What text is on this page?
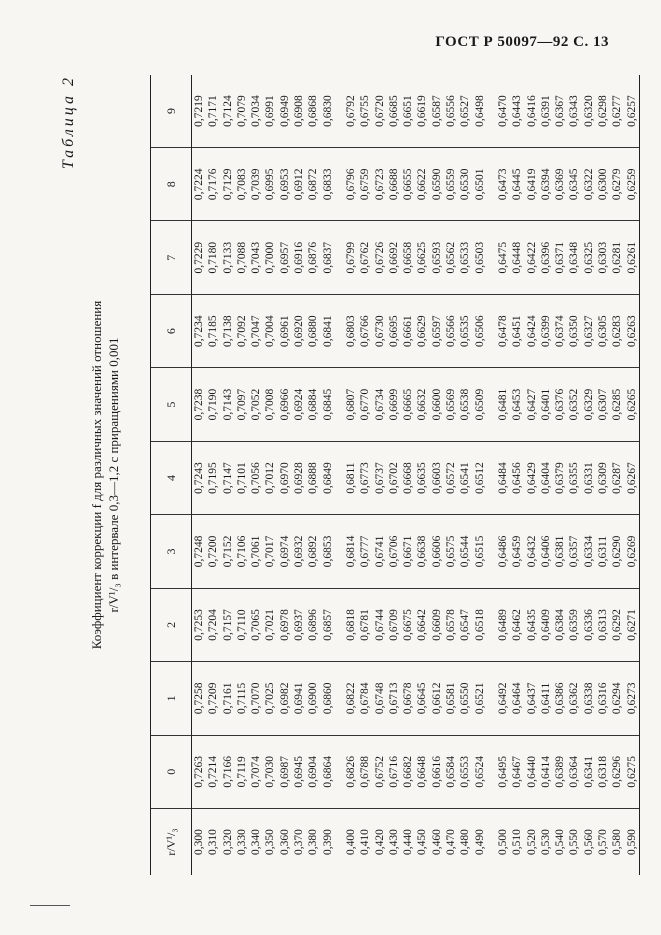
ГОСТ Р 50097—92 С. 13
Таблица 2
Коэффициент коррекции f для различных значений отношения r/V¹/₃ в интервале 0,3—1,2 с приращениями 0,001
r/V¹/₃	0	1	2	3	4	5	6	7	8	9
0,300	0,7263	0,7258	0,7253	0,7248	0,7243	0,7238	0,7234	0,7229	0,7224	0,7219
0,310	0,7214	0,7209	0,7204	0,7200	0,7195	0,7190	0,7185	0,7180	0,7176	0,7171
0,320	0,7166	0,7161	0,7157	0,7152	0,7147	0,7143	0,7138	0,7133	0,7129	0,7124
0,330	0,7119	0,7115	0,7110	0,7106	0,7101	0,7097	0,7092	0,7088	0,7083	0,7079
0,340	0,7074	0,7070	0,7065	0,7061	0,7056	0,7052	0,7047	0,7043	0,7039	0,7034
0,350	0,7030	0,7025	0,7021	0,7017	0,7012	0,7008	0,7004	0,7000	0,6995	0,6991
0,360	0,6987	0,6982	0,6978	0,6974	0,6970	0,6966	0,6961	0,6957	0,6953	0,6949
0,370	0,6945	0,6941	0,6937	0,6932	0,6928	0,6924	0,6920	0,6916	0,6912	0,6908
0,380	0,6904	0,6900	0,6896	0,6892	0,6888	0,6884	0,6880	0,6876	0,6872	0,6868
0,390	0,6864	0,6860	0,6857	0,6853	0,6849	0,6845	0,6841	0,6837	0,6833	0,6830

0,400	0,6826	0,6822	0,6818	0,6814	0,6811	0,6807	0,6803	0,6799	0,6796	0,6792
0,410	0,6788	0,6784	0,6781	0,6777	0,6773	0,6770	0,6766	0,6762	0,6759	0,6755
0,420	0,6752	0,6748	0,6744	0,6741	0,6737	0,6734	0,6730	0,6726	0,6723	0,6720
0,430	0,6716	0,6713	0,6709	0,6706	0,6702	0,6699	0,6695	0,6692	0,6688	0,6685
0,440	0,6682	0,6678	0,6675	0,6671	0,6668	0,6665	0,6661	0,6658	0,6655	0,6651
0,450	0,6648	0,6645	0,6642	0,6638	0,6635	0,6632	0,6629	0,6625	0,6622	0,6619
0,460	0,6616	0,6612	0,6609	0,6606	0,6603	0,6600	0,6597	0,6593	0,6590	0,6587
0,470	0,6584	0,6581	0,6578	0,6575	0,6572	0,6569	0,6566	0,6562	0,6559	0,6556
0,480	0,6553	0,6550	0,6547	0,6544	0,6541	0,6538	0,6535	0,6533	0,6530	0,6527
0,490	0,6524	0,6521	0,6518	0,6515	0,6512	0,6509	0,6506	0,6503	0,6501	0,6498

0,500	0,6495	0,6492	0,6489	0,6486	0,6484	0,6481	0,6478	0,6475	0,6473	0,6470
0,510	0,6467	0,6464	0,6462	0,6459	0,6456	0,6453	0,6451	0,6448	0,6445	0,6443
0,520	0,6440	0,6437	0,6435	0,6432	0,6429	0,6427	0,6424	0,6422	0,6419	0,6416
0,530	0,6414	0,6411	0,6409	0,6406	0,6404	0,6401	0,6399	0,6396	0,6394	0,6391
0,540	0,6389	0,6386	0,6384	0,6381	0,6379	0,6376	0,6374	0,6371	0,6369	0,6367
0,550	0,6364	0,6362	0,6359	0,6357	0,6355	0,6352	0,6350	0,6348	0,6345	0,6343
0,560	0,6341	0,6338	0,6336	0,6334	0,6331	0,6329	0,6327	0,6325	0,6322	0,6320
0,570	0,6318	0,6316	0,6313	0,6311	0,6309	0,6307	0,6305	0,6303	0,6300	0,6298
0,580	0,6296	0,6294	0,6292	0,6290	0,6287	0,6285	0,6283	0,6281	0,6279	0,6277
0,590	0,6275	0,6273	0,6271	0,6269	0,6267	0,6265	0,6263	0,6261	0,6259	0,6257
